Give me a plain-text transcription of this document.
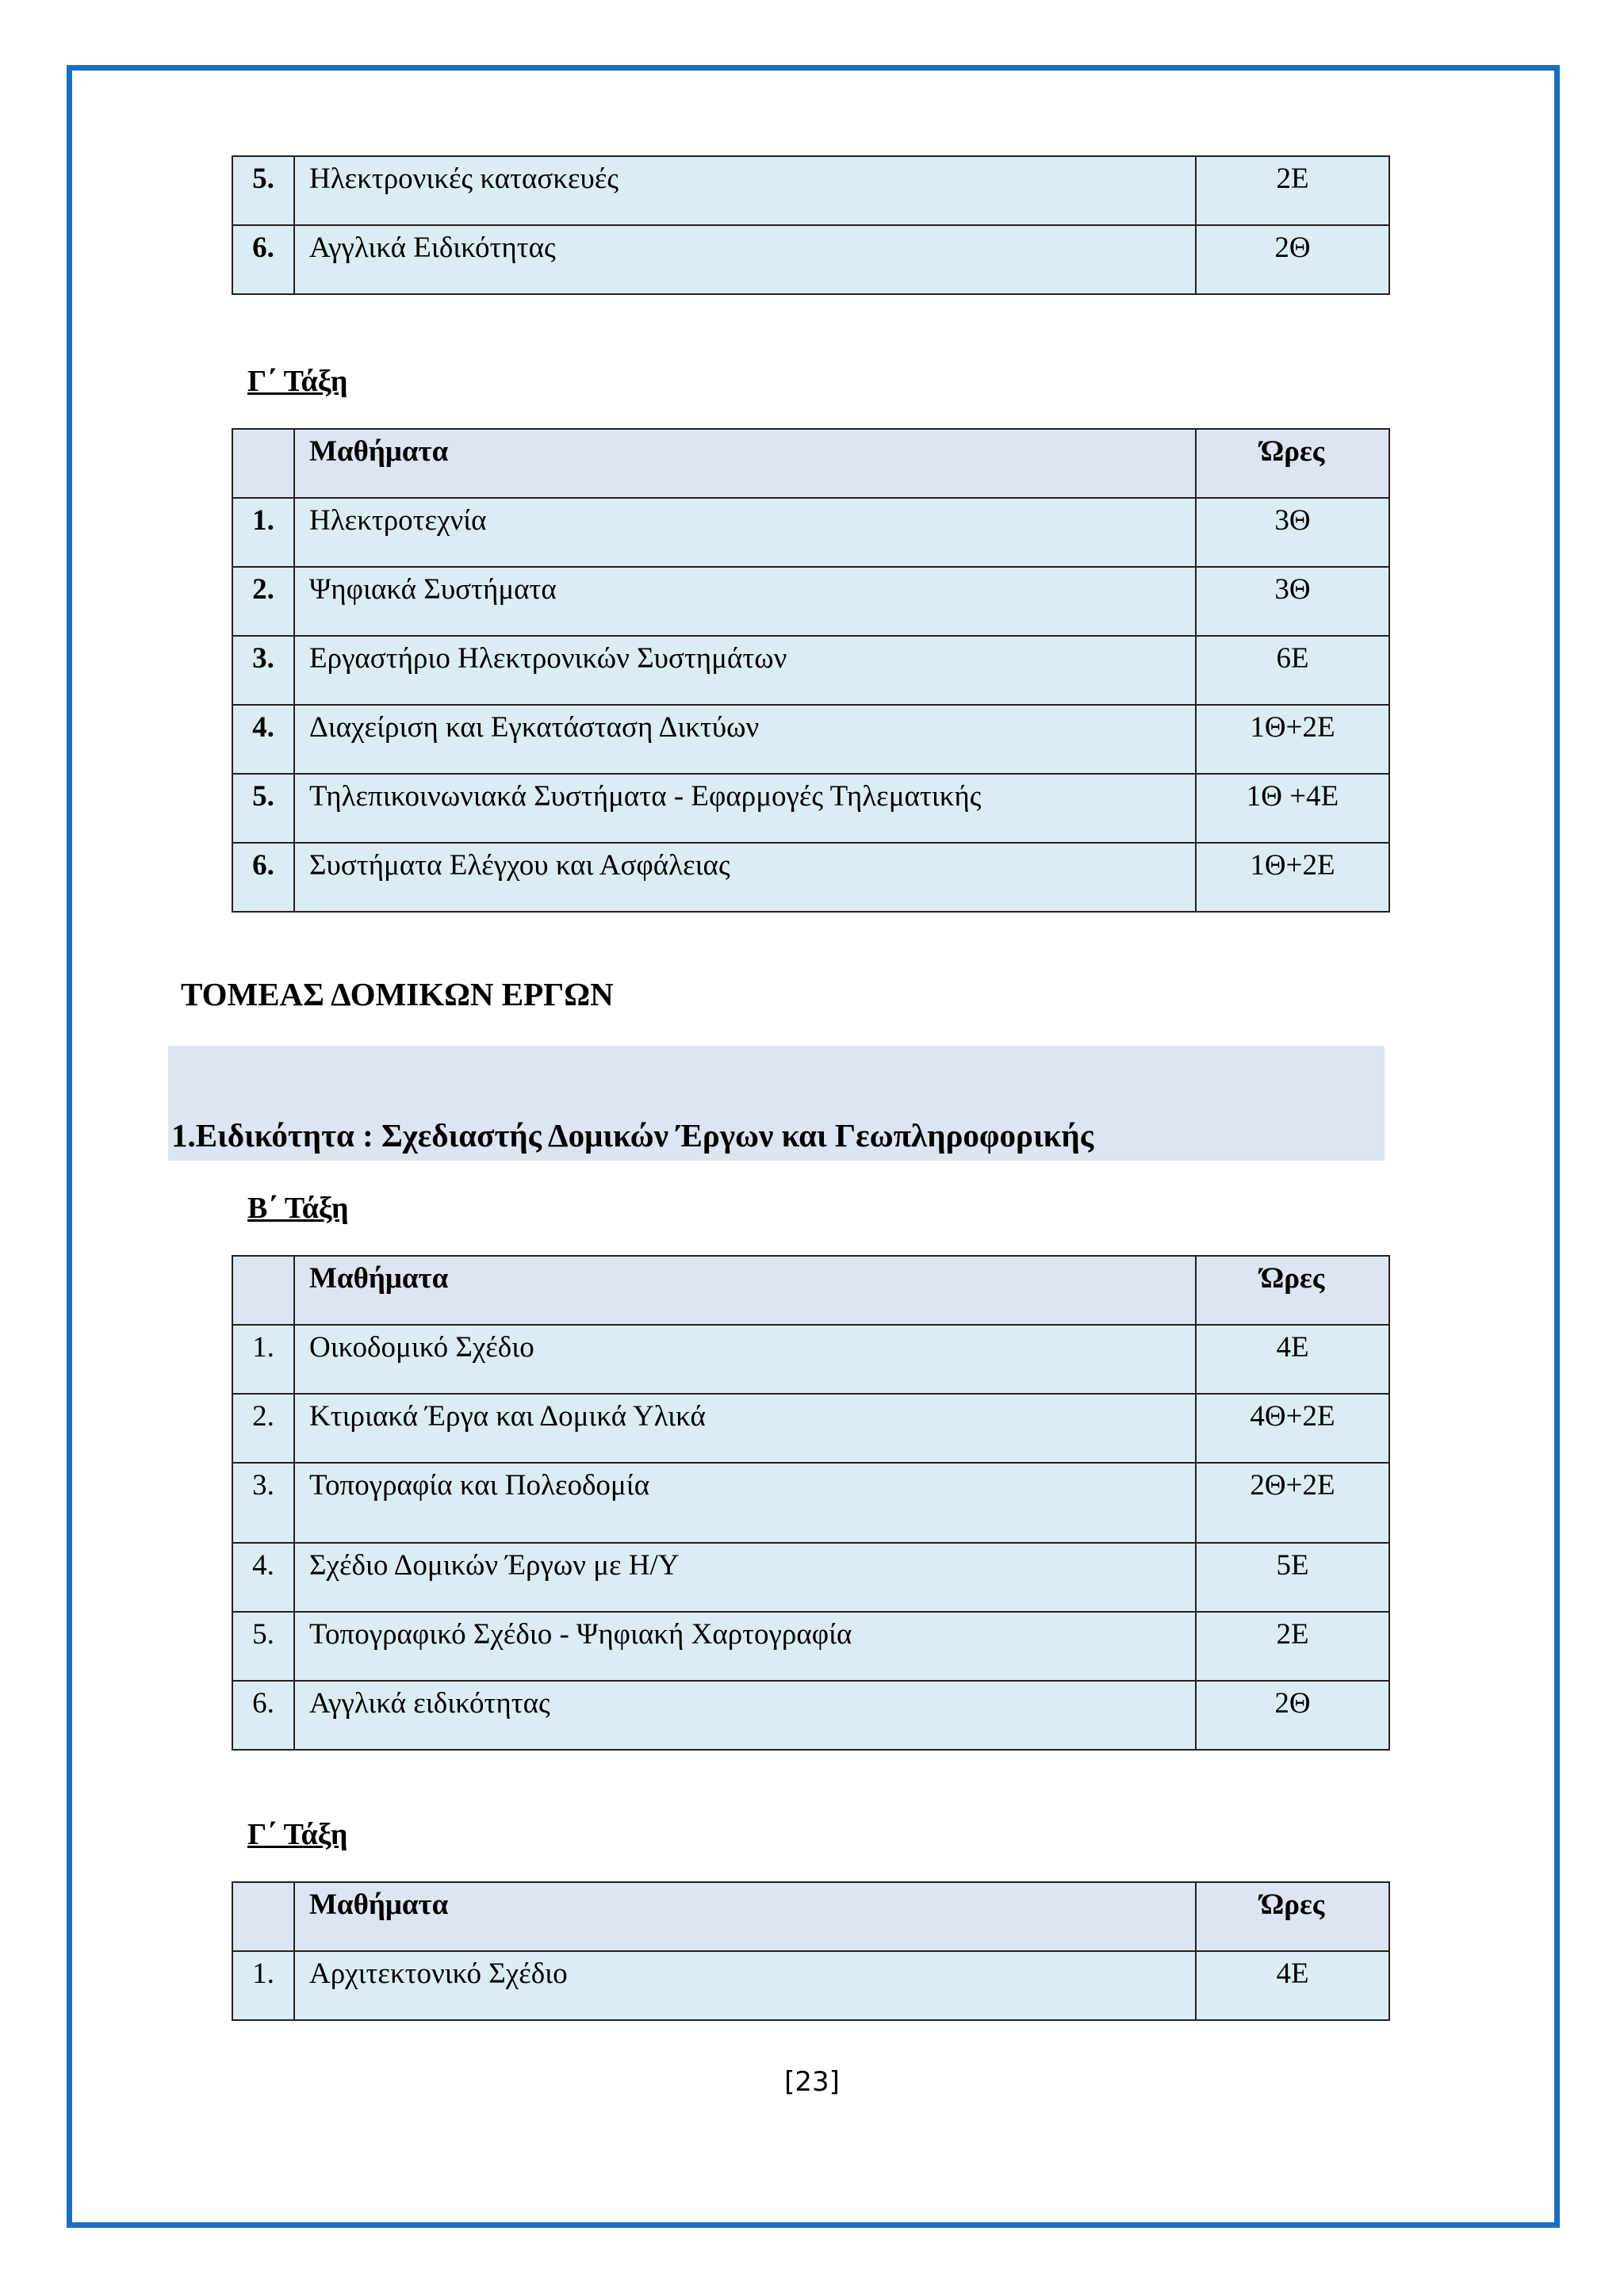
5.	Ηλεκτρονικές κατασκευές	2Ε
6.	Αγγλικά Ειδικότητας	2Θ
Γ΄ Τάξη
	Μαθήματα	Ώρες
1.	Ηλεκτροτεχνία	3Θ
2.	Ψηφιακά Συστήματα	3Θ
3.	Εργαστήριο Ηλεκτρονικών Συστημάτων	6Ε
4.	Διαχείριση και Εγκατάσταση Δικτύων	1Θ+2Ε
5.	Τηλεπικοινωνιακά Συστήματα - Εφαρμογές Τηλεματικής	1Θ +4Ε
6.	Συστήματα Ελέγχου και Ασφάλειας	1Θ+2Ε
ΤΟΜΕΑΣ ΔΟΜΙΚΩΝ ΕΡΓΩΝ
1.Ειδικότητα : Σχεδιαστής Δομικών Έργων και Γεωπληροφορικής
Β΄ Τάξη
	Μαθήματα	Ώρες
1.	Οικοδομικό Σχέδιο	4Ε
2.	Κτιριακά Έργα και Δομικά Υλικά	4Θ+2Ε
3.	Τοπογραφία και Πολεοδομία	2Θ+2Ε
4.	Σχέδιο Δομικών Έργων με Η/Υ	5Ε
5.	Τοπογραφικό Σχέδιο - Ψηφιακή Χαρτογραφία	2Ε
6.	Αγγλικά ειδικότητας	2Θ
Γ΄ Τάξη
	Μαθήματα	Ώρες
1.	Αρχιτεκτονικό Σχέδιο	4Ε
[23]
